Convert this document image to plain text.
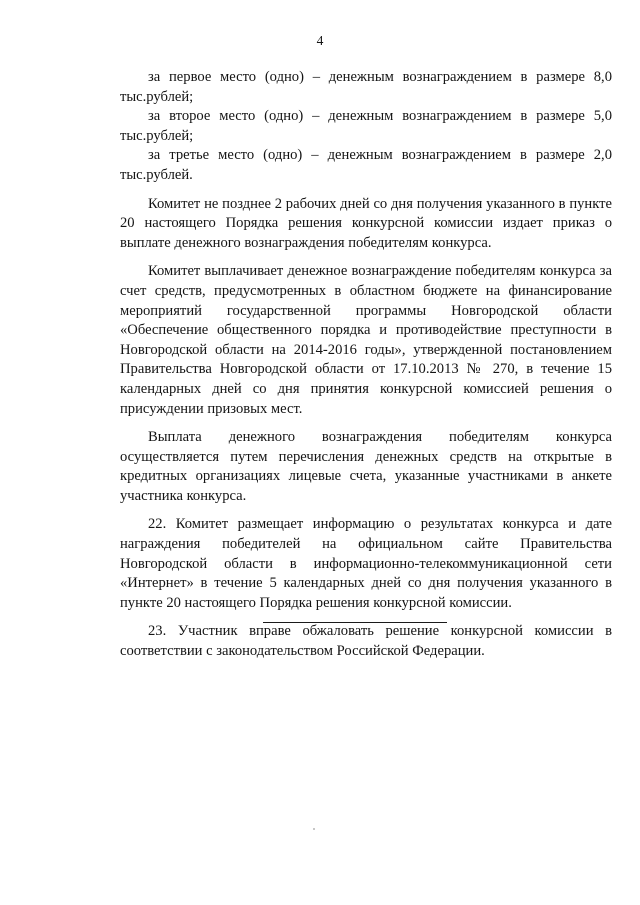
4

за первое место (одно) – денежным вознаграждением в размере 8,0 тыс.рублей;

за второе место (одно) – денежным вознаграждением в размере 5,0 тыс.рублей;

за третье место (одно) – денежным вознаграждением в размере 2,0 тыс.рублей.

Комитет не позднее 2 рабочих дней со дня получения указанного в пункте 20 настоящего Порядка решения конкурсной комиссии издает приказ о выплате денежного вознаграждения победителям конкурса.

Комитет выплачивает денежное вознаграждение победителям конкурса за счет средств, предусмотренных в областном бюджете на финансирование мероприятий государственной программы Новгородской области «Обеспечение общественного порядка и противодействие преступности в Новгородской области на 2014-2016 годы», утвержденной постановлением Правительства Новгородской области от 17.10.2013 № 270, в течение 15 календарных дней со дня принятия конкурсной комиссией решения о присуждении призовых мест.

Выплата денежного вознаграждения победителям конкурса осуществляется путем перечисления денежных средств на открытые в кредитных организациях лицевые счета, указанные участниками в анкете участника конкурса.

22. Комитет размещает информацию о результатах конкурса и дате награждения победителей на официальном сайте Правительства Новгородской области в информационно-телекоммуникационной сети «Интернет» в течение 5 календарных дней со дня получения указанного в пункте 20 настоящего Порядка решения конкурсной комиссии.

23. Участник вправе обжаловать решение конкурсной комиссии в соответствии с законодательством Российской Федерации.
